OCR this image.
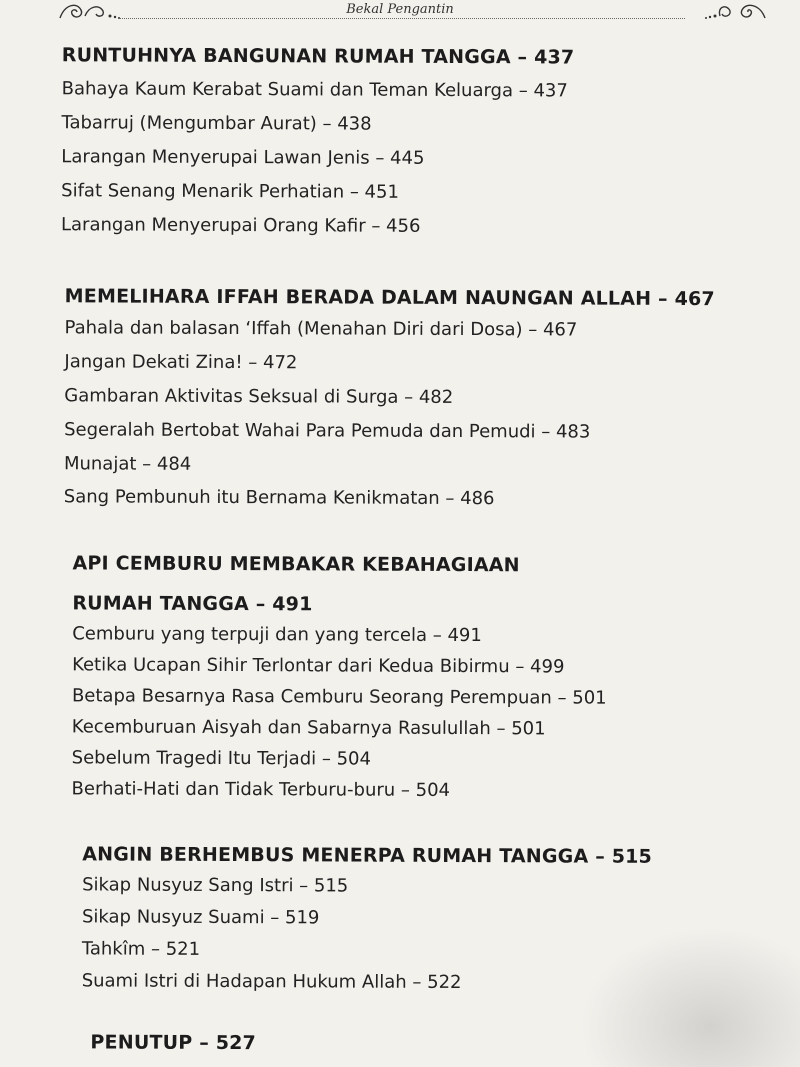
Bekal Pengantin
RUNTUHNYA BANGUNAN RUMAH TANGGA – 437
Bahaya Kaum Kerabat Suami dan Teman Keluarga – 437
Tabarruj (Mengumbar Aurat) – 438
Larangan Menyerupai Lawan Jenis – 445
Sifat Senang Menarik Perhatian – 451
Larangan Menyerupai Orang Kafir – 456
MEMELIHARA IFFAH BERADA DALAM NAUNGAN ALLAH – 467
Pahala dan balasan ‘Iffah (Menahan Diri dari Dosa) – 467
Jangan Dekati Zina! – 472
Gambaran Aktivitas Seksual di Surga – 482
Segeralah Bertobat Wahai Para Pemuda dan Pemudi – 483
Munajat – 484
Sang Pembunuh itu Bernama Kenikmatan – 486
API CEMBURU MEMBAKAR KEBAHAGIAAN
RUMAH TANGGA – 491
Cemburu yang terpuji dan yang tercela – 491
Ketika Ucapan Sihir Terlontar dari Kedua Bibirmu – 499
Betapa Besarnya Rasa Cemburu Seorang Perempuan – 501
Kecemburuan Aisyah dan Sabarnya Rasulullah – 501
Sebelum Tragedi Itu Terjadi – 504
Berhati-Hati dan Tidak Terburu-buru – 504
ANGIN BERHEMBUS MENERPA RUMAH TANGGA – 515
Sikap Nusyuz Sang Istri – 515
Sikap Nusyuz Suami – 519
Tahkîm – 521
Suami Istri di Hadapan Hukum Allah – 522
PENUTUP – 527
